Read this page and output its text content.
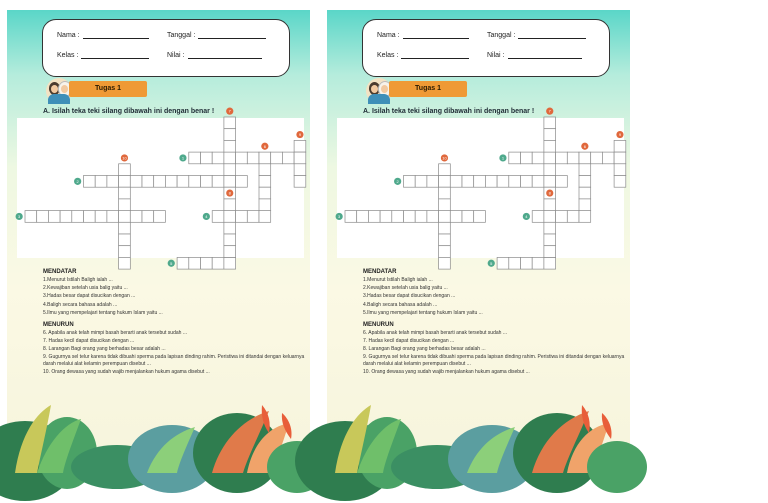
Nama :	Tanggal :
Kelas :	Nilai :
Tugas 1
A. Isilah teka teki silang dibawah ini dengan benar !
3
2
1
4
5
10
7
6
8
9

MENDATAR

1.Menurut Istilah Baligh ialah ...

2.Kewajiban setelah usia balig yaitu ...

3.Hadas besar dapat disucikan dengan ...

4.Baligh secara bahasa adalah ...

5.Ilmu yang mempelajari tentang hukum Islam yaitu ...

MENURUN

6. Apabila anak telah mimpi basah berarti anak tersebut sudah ...

7. Hadas kecil dapat disucikan dengan ...

8. Larangan Bagi orang yang berhadas besar adalah ...

9. Gugurnya sel telur karena tidak dibuahi sperma pada lapisan dinding rahim. Peristiwa ini ditandai dengan keluarnya darah melalui alat kelamin perempuan disebut ...

10. Orang dewasa yang sudah wajib menjalankan hukum agama disebut ...

Nama :	Tanggal :
Kelas :	Nilai :
Tugas 1
A. Isilah teka teki silang dibawah ini dengan benar !
3
2
1
4
5
10
7
6
8
9

MENDATAR

1.Menurut Istilah Baligh ialah ...

2.Kewajiban setelah usia balig yaitu ...

3.Hadas besar dapat disucikan dengan ...

4.Baligh secara bahasa adalah ...

5.Ilmu yang mempelajari tentang hukum Islam yaitu ...

MENURUN

6. Apabila anak telah mimpi basah berarti anak tersebut sudah ...

7. Hadas kecil dapat disucikan dengan ...

8. Larangan Bagi orang yang berhadas besar adalah ...

9. Gugurnya sel telur karena tidak dibuahi sperma pada lapisan dinding rahim. Peristiwa ini ditandai dengan keluarnya darah melalui alat kelamin perempuan disebut ...

10. Orang dewasa yang sudah wajib menjalankan hukum agama disebut ...
